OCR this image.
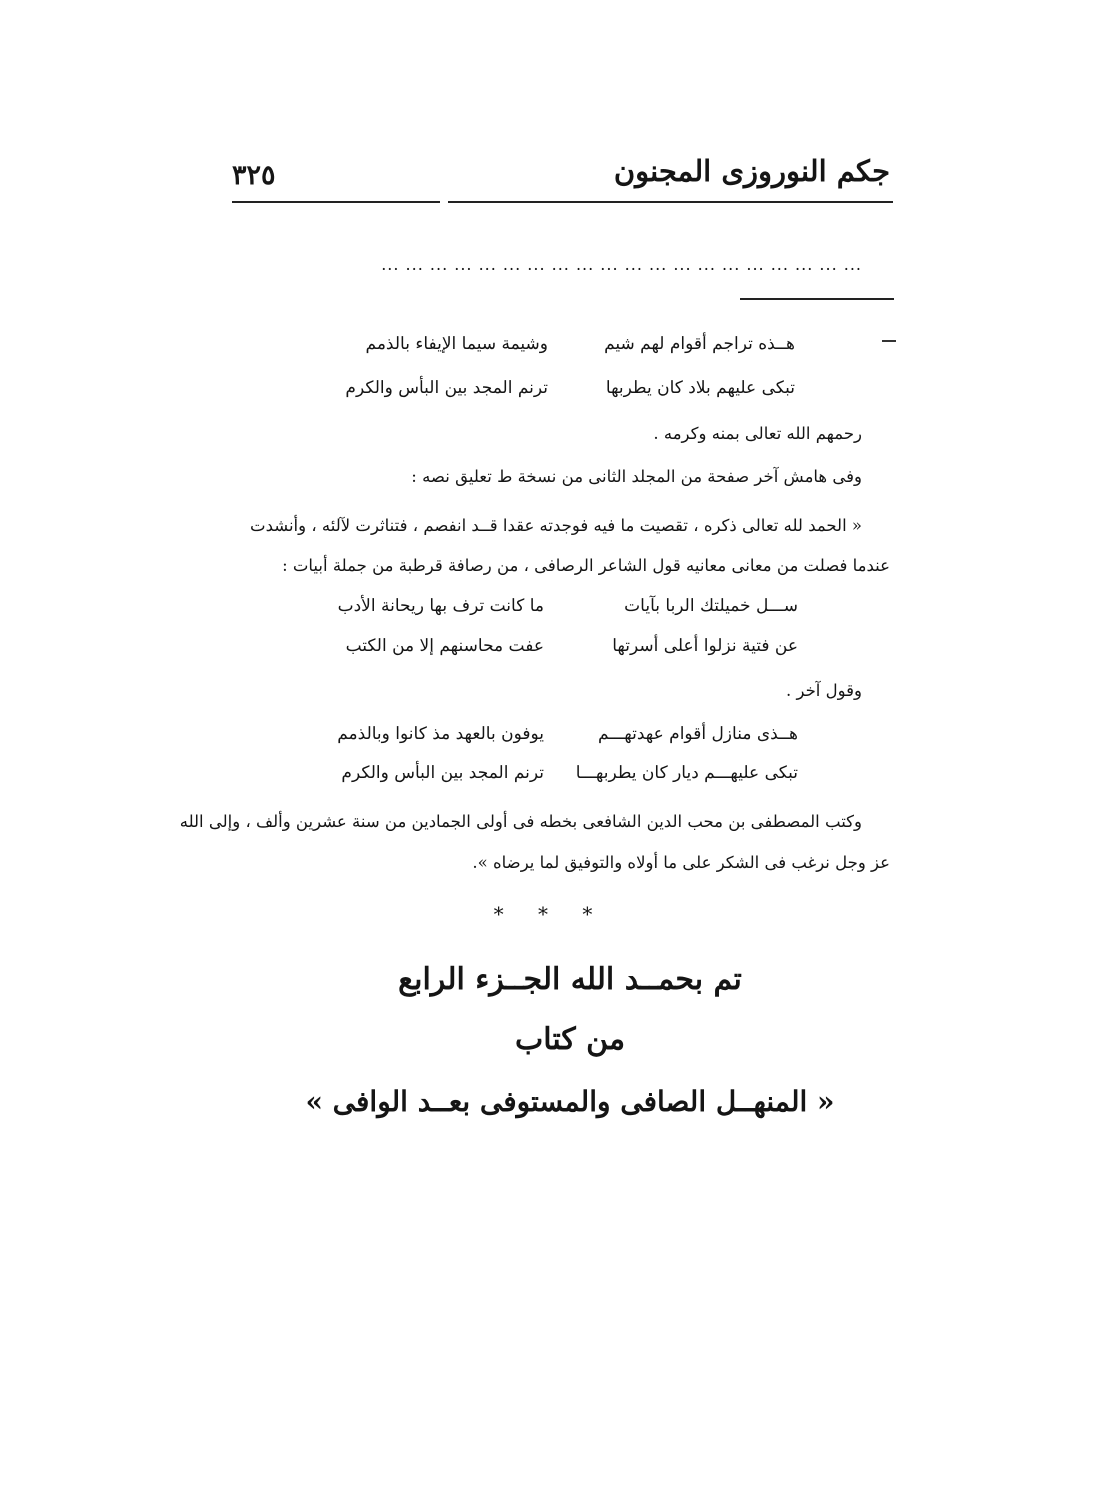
٣٢٥	جكم النوروزى المجنون
... ... ... ... ... ... ... ... ... ... ... ... ... ... ... ... ... ... ... ...
هــذه تراجم أقوام لهم شيم
وشيمة سيما الإيفاء بالذمم
تبكى عليهم بلاد كان يطربها
ترنم المجد بين البأس والكرم
رحمهم الله تعالى بمنه وكرمه .
وفى هامش آخر صفحة من المجلد الثانى من نسخة ط تعليق نصه :
« الحمد لله تعالى ذكره ، تقصيت ما فيه فوجدته عقدا قــد انفصم ، فتناثرت لآلئه ، وأنشدت
عندما فصلت من معانى معانيه قول الشاعر الرصافى ، من رصافة قرطبة من جملة أبيات :
ســـل خميلتك الربا بآيات
ما كانت ترف بها ريحانة الأدب
عن فتية نزلوا أعلى أسرتها
عفت محاسنهم إلا من الكتب
وقول آخر .
هــذى منازل أقوام عهدتهـــم
يوفون بالعهد مذ كانوا وبالذمم
تبكى عليهـــم ديار كان يطربهـــا
ترنم المجد بين البأس والكرم
وكتب المصطفى بن محب الدين الشافعى بخطه فى أولى الجمادين من سنة عشرين وألف ، وإلى الله
عز وجل نرغب فى الشكر على ما أولاه والتوفيق لما يرضاه ».
* * *
تم بحمــد الله الجــزء الرابع
من كتاب
« المنهــل الصافى والمستوفى بعــد الوافى »
